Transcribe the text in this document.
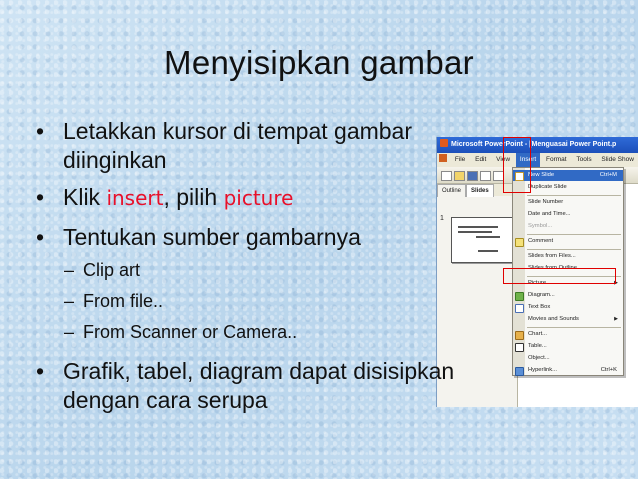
Menyisipkan gambar
• Letakkan kursor di tempat gambar
diinginkan
• Klik insert, pilih picture
• Tentukan sumber gambarnya
– Clip art
– From file..
– From Scanner or Camera..
• Grafik, tabel, diagram dapat disisipkan
dengan cara serupa
Microsoft PowerPoint - [Menguasai Power Point.p
File Edit View Insert Format Tools Slide Show
Outline Slides
1
New Slide	Ctrl+M
Duplicate Slide
Slide Number
Date and Time...
Symbol...
Comment
Slides from Files...
Slides from Outline...
Picture	▶
Diagram...
Text Box
Movies and Sounds	▶
Chart...
Table...
Object...
Hyperlink...	Ctrl+K
